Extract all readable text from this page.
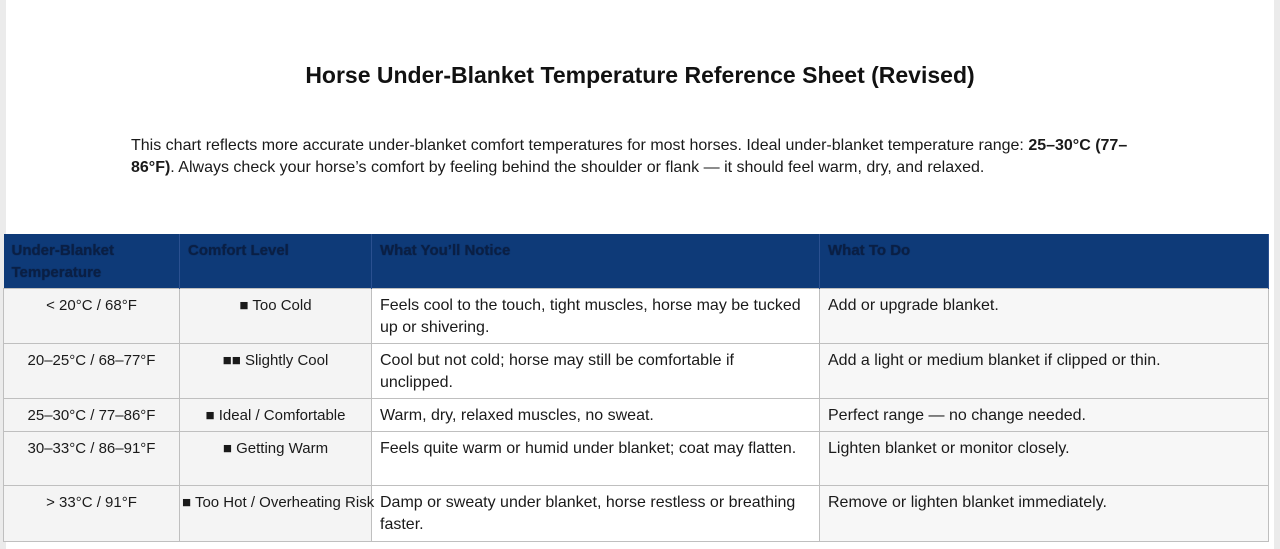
Horse Under-Blanket Temperature Reference Sheet (Revised)

This chart reflects more accurate under-blanket comfort temperatures for most horses. Ideal under-blanket temperature range: 25–30°C (77–86°F). Always check your horse’s comfort by feeling behind the shoulder or flank — it should feel warm, dry, and relaxed.

Under-Blanket Temperature	Comfort Level	What You’ll Notice	What To Do
< 20°C / 68°F	■ Too Cold	Feels cool to the touch, tight muscles, horse may be tucked up or shivering.	Add or upgrade blanket.
20–25°C / 68–77°F	■■ Slightly Cool	Cool but not cold; horse may still be comfortable if unclipped.	Add a light or medium blanket if clipped or thin.
25–30°C / 77–86°F	■ Ideal / Comfortable	Warm, dry, relaxed muscles, no sweat.	Perfect range — no change needed.
30–33°C / 86–91°F	■ Getting Warm	Feels quite warm or humid under blanket; coat may flatten.	Lighten blanket or monitor closely.
> 33°C / 91°F	■ Too Hot / Overheating Risk	Damp or sweaty under blanket, horse restless or breathing faster.	Remove or lighten blanket immediately.
